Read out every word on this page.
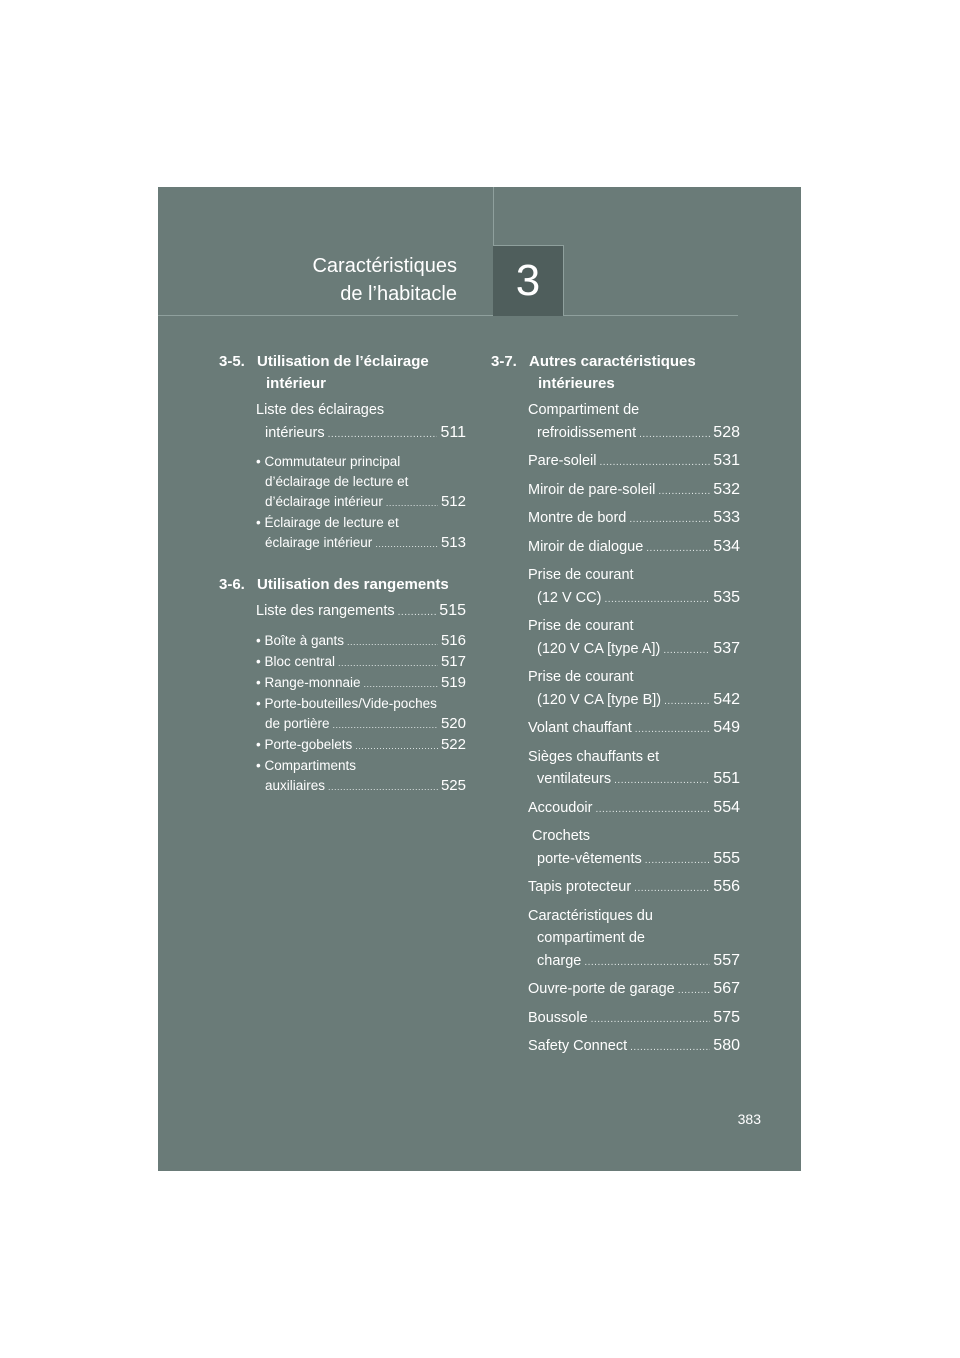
Caractéristiques
de l’habitacle 3
3-5. Utilisation de l’éclairage
intérieur
Liste des éclairages
intérieurs .....	511
• Commutateur principal
d’éclairage de lecture et
d’éclairage intérieur .....	512
• Éclairage de lecture et
éclairage intérieur .....	513
3-6. Utilisation des rangements
Liste des rangements .....	515
• Boîte à gants .....	516
• Bloc central .....	517
• Range-monnaie .....	519
• Porte-bouteilles/Vide-poches
de portière .....	520
• Porte-gobelets .....	522
• Compartiments
auxiliaires .....	525
3-7. Autres caractéristiques
intérieures
Compartiment de
refroidissement .....	528
Pare-soleil .....	531
Miroir de pare-soleil .....	532
Montre de bord .....	533
Miroir de dialogue .....	534
Prise de courant
(12 V CC) .....	535
Prise de courant
(120 V CA [type A]) .....	537
Prise de courant
(120 V CA [type B]) .....	542
Volant chauffant .....	549
Sièges chauffants et
ventilateurs .....	551
Accoudoir .....	554
Crochets
porte-vêtements .....	555
Tapis protecteur .....	556
Caractéristiques du
compartiment de
charge .....	557
Ouvre-porte de garage ..... 567
Boussole .....	575
Safety Connect .....	580
383
